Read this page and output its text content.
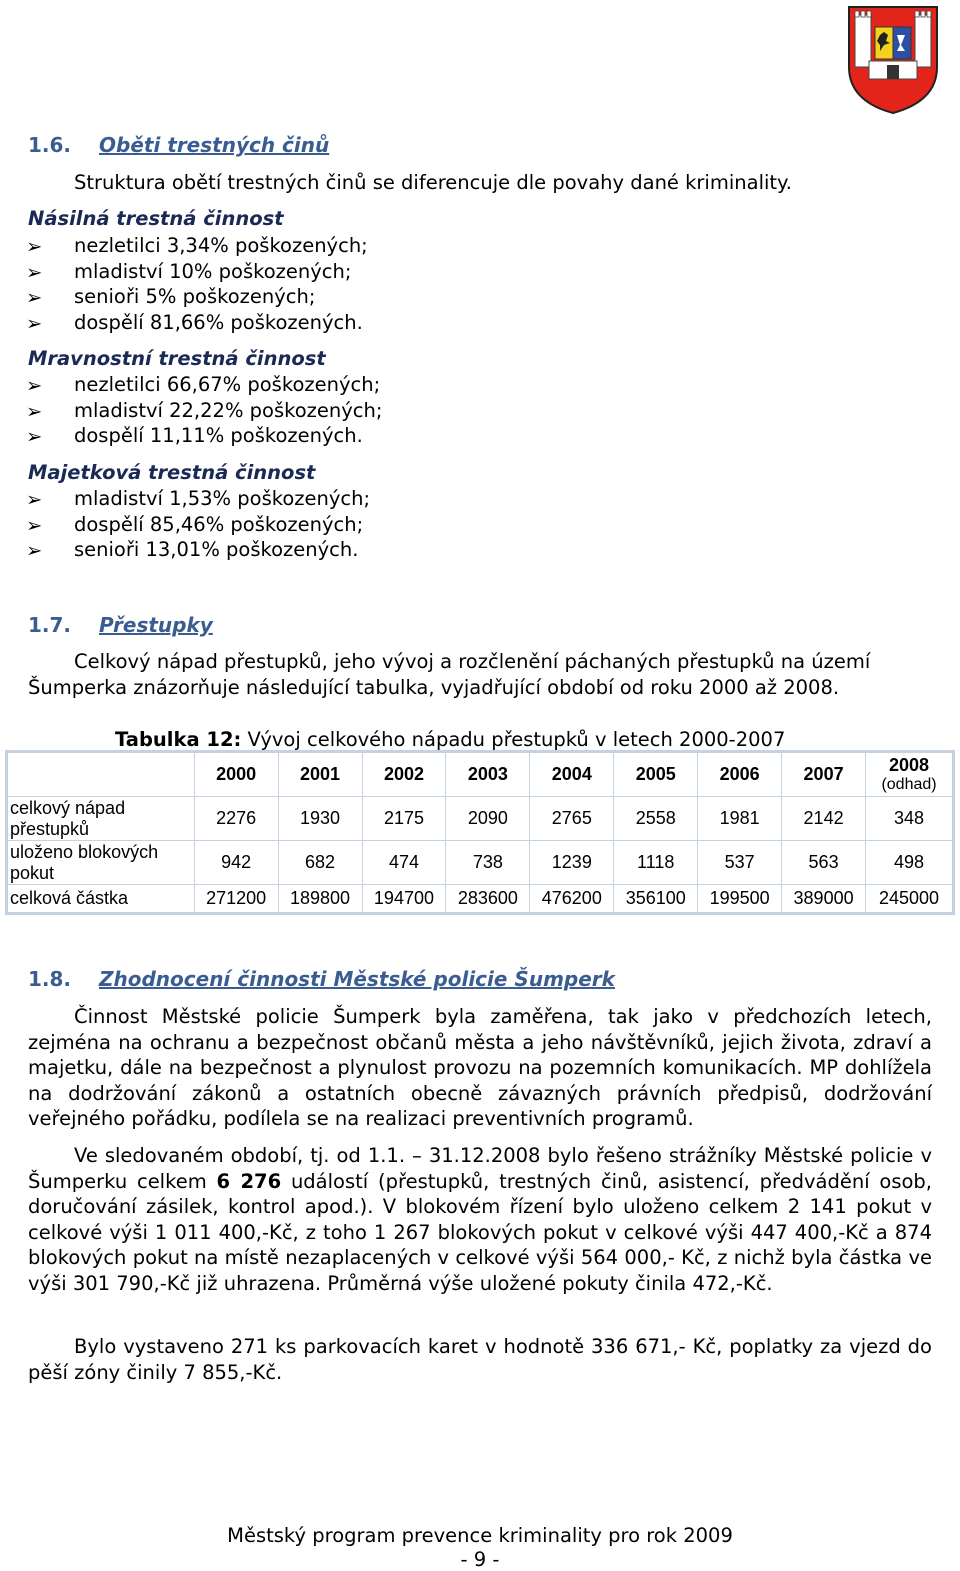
1.6. Oběti trestných činů
Struktura obětí trestných činů se diferencuje dle povahy dané kriminality.
Násilná trestná činnost
➢ nezletilci 3,34% poškozených;
➢ mladiství 10% poškozených;
➢ senioři 5% poškozených;
➢ dospělí 81,66% poškozených.
Mravnostní trestná činnost
➢ nezletilci 66,67% poškozených;
➢ mladiství 22,22% poškozených;
➢ dospělí 11,11% poškozených.
Majetková trestná činnost
➢ mladiství 1,53% poškozených;
➢ dospělí 85,46% poškozených;
➢ senioři 13,01% poškozených.
1.7. Přestupky
Celkový nápad přestupků, jeho vývoj a rozčlenění páchaných přestupků na území
Šumperka znázorňuje následující tabulka, vyjadřující období od roku 2000 až 2008.
Tabulka 12: Vývoj celkového nápadu přestupků v letech 2000-2007
	2000	2001	2002	2003	2004	2005	2006	2007	2008
(odhad)

celkový nápad přestupků	2276	1930	2175	2090	2765	2558	1981	2142	348
uloženo blokových pokut	942	682	474	738	1239	1118	537	563	498
celková částka	271200	189800	194700	283600	476200	356100	199500	389000	245000
1.8. Zhodnocení činnosti Městské policie Šumperk
Činnost Městské policie Šumperk byla zaměřena, tak jako v předchozích letech, zejména na ochranu a bezpečnost občanů města a jeho návštěvníků, jejich života, zdraví a majetku, dále na bezpečnost a plynulost provozu na pozemních komunikacích. MP dohlížela na dodržování zákonů a ostatních obecně závazných právních předpisů, dodržování veřejného pořádku, podílela se na realizaci preventivních programů.
Ve sledovaném období, tj. od 1.1. – 31.12.2008 bylo řešeno strážníky Městské policie v Šumperku celkem 6 276 událostí (přestupků, trestných činů, asistencí, předvádění osob, doručování zásilek, kontrol apod.). V blokovém řízení bylo uloženo celkem 2 141 pokut v celkové výši 1 011 400,-Kč, z toho 1 267 blokových pokut v celkové výši 447 400,-Kč a 874 blokových pokut na místě nezaplacených v celkové výši 564 000,- Kč, z nichž byla částka ve výši 301 790,-Kč již uhrazena. Průměrná výše uložené pokuty činila 472,-Kč.
Bylo vystaveno 271 ks parkovacích karet v hodnotě 336 671,- Kč, poplatky za vjezd do pěší zóny činily 7 855,-Kč.
Městský program prevence kriminality pro rok 2009
- 9 -
